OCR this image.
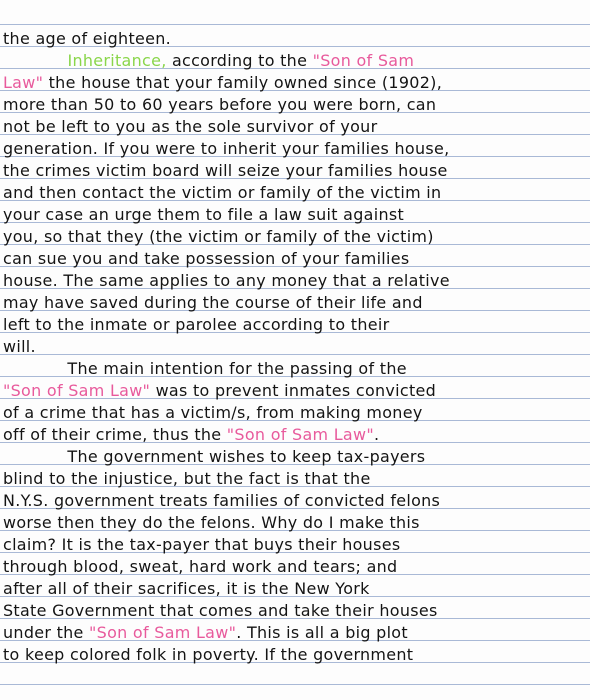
the age of eighteen.
Inheritance, according to the "Son of Sam
Law" the house that your family owned since (1902),
more than 50 to 60 years before you were born, can
not be left to you as the sole survivor of your
generation. If you were to inherit your families house,
the crimes victim board will seize your families house
and then contact the victim or family of the victim in
your case an urge them to file a law suit against
you, so that they (the victim or family of the victim)
can sue you and take possession of your families
house. The same applies to any money that a relative
may have saved during the course of their life and
left to the inmate or parolee according to their
will.
The main intention for the passing of the
"Son of Sam Law" was to prevent inmates convicted
of a crime that has a victim/s, from making money
off of their crime, thus the "Son of Sam Law".
The government wishes to keep tax-payers
blind to the injustice, but the fact is that the
N.Y.S. government treats families of convicted felons
worse then they do the felons. Why do I make this
claim? It is the tax-payer that buys their houses
through blood, sweat, hard work and tears; and
after all of their sacrifices, it is the New York
State Government that comes and take their houses
under the "Son of Sam Law". This is all a big plot
to keep colored folk in poverty. If the government
